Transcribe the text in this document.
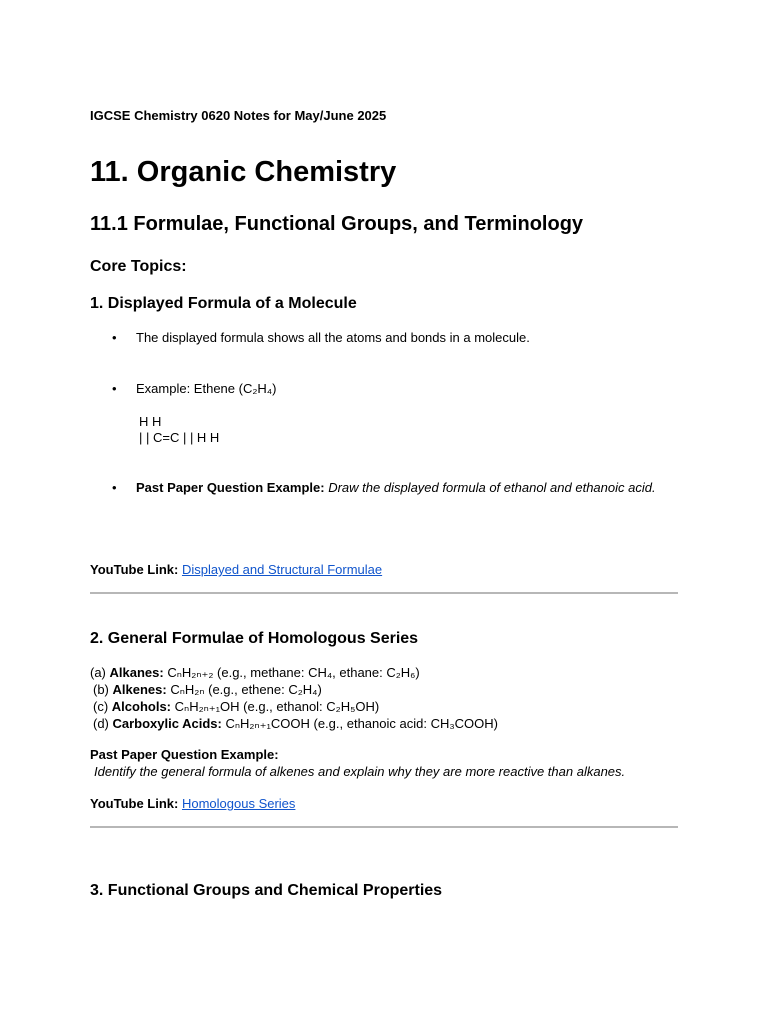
IGCSE Chemistry 0620 Notes for May/June 2025
11. Organic Chemistry
11.1 Formulae, Functional Groups, and Terminology
Core Topics:
1. Displayed Formula of a Molecule
• The displayed formula shows all the atoms and bonds in a molecule.
• Example: Ethene (C₂H₄)
H H
| | C=C | | H H
• Past Paper Question Example: Draw the displayed formula of ethanol and ethanoic acid.
YouTube Link: Displayed and Structural Formulae
2. General Formulae of Homologous Series
(a) Alkanes: CₙH₂ₙ₊₂ (e.g., methane: CH₄, ethane: C₂H₆)
(b) Alkenes: CₙH₂ₙ (e.g., ethene: C₂H₄)
(c) Alcohols: CₙH₂ₙ₊₁OH (e.g., ethanol: C₂H₅OH)
(d) Carboxylic Acids: CₙH₂ₙ₊₁COOH (e.g., ethanoic acid: CH₃COOH)
Past Paper Question Example:
Identify the general formula of alkenes and explain why they are more reactive than alkanes.
YouTube Link: Homologous Series
3. Functional Groups and Chemical Properties
